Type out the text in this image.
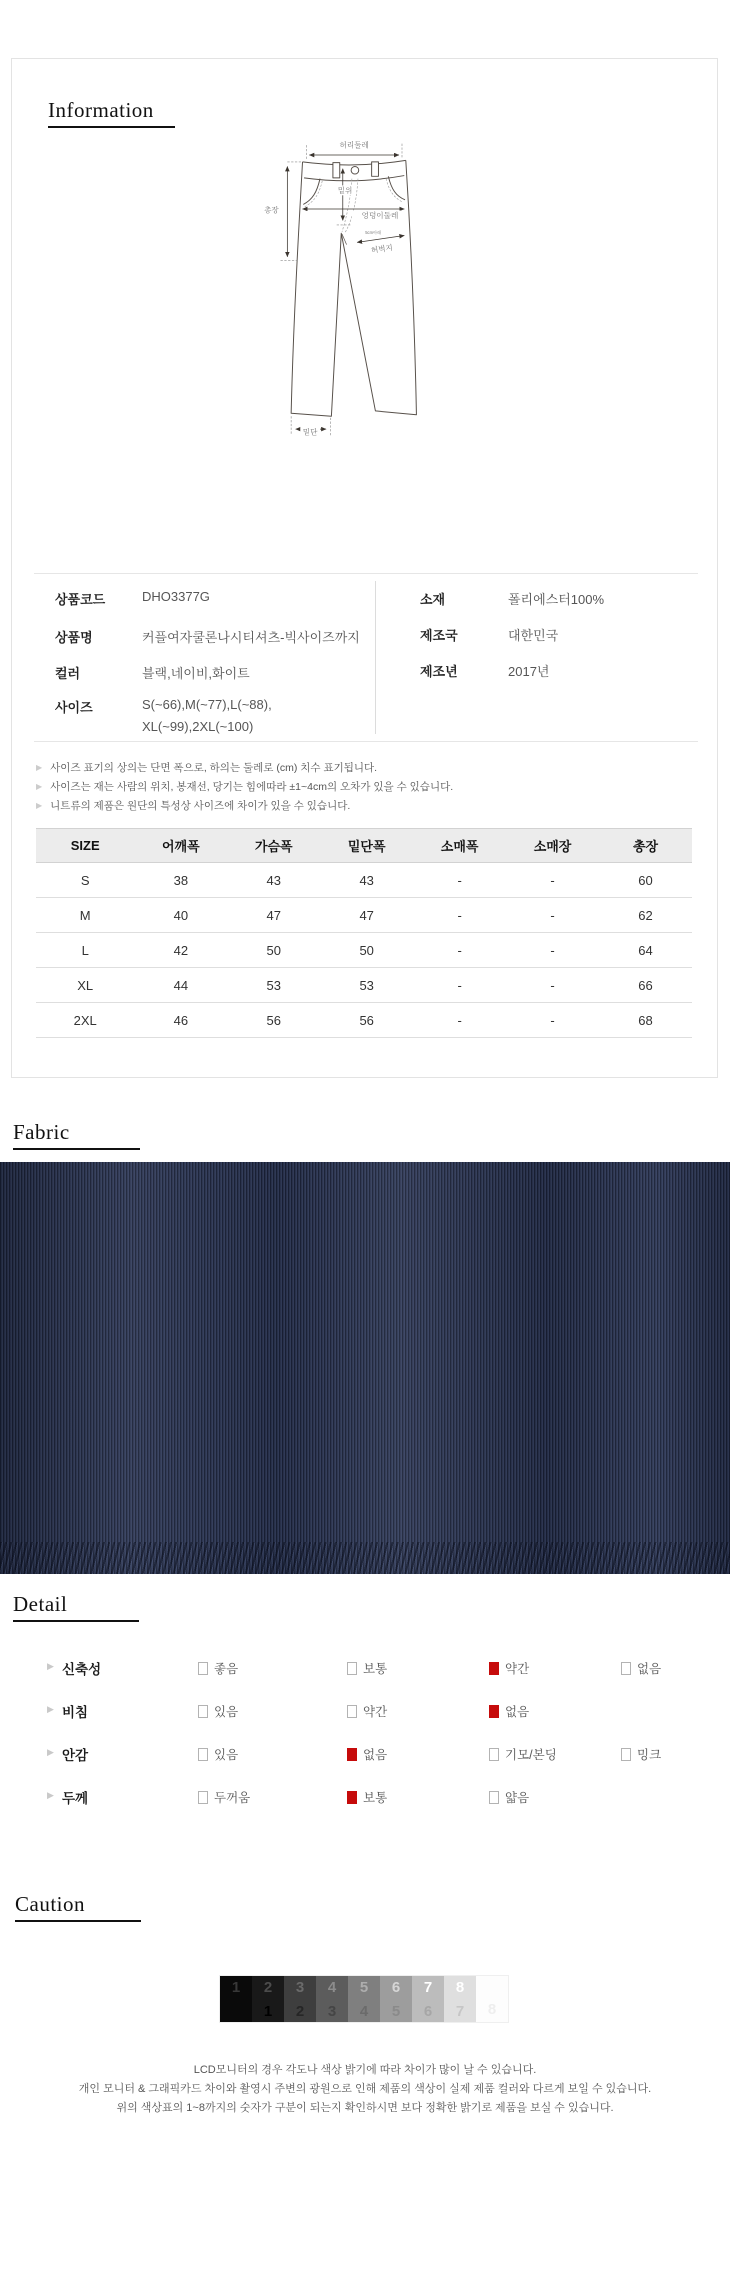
Information
허리둘레
총장
밑위
엉덩이둘레
5cm아래
허벅지
밑단
상품코드	DHO3377G
상품명	커플여자쿨론나시티셔츠-빅사이즈까지
컬러	블랙,네이비,화이트
사이즈	S(~66),M(~77),L(~88),
XL(~99),2XL(~100)
소재	폴리에스터100%
제조국	대한민국
제조년	2017년
▶ 사이즈 표기의 상의는 단면 폭으로, 하의는 둘레로 (cm) 치수 표기됩니다.
▶ 사이즈는 재는 사람의 위치, 봉재선, 당기는 힘에따라 ±1~4cm의 오차가 있을 수 있습니다.
▶ 니트류의 제품은 원단의 특성상 사이즈에 차이가 있을 수 있습니다.
SIZE	어깨폭	가슴폭	밑단폭	소매폭	소매장	총장
S	38	43	43	-	-	60
M	40	47	47	-	-	62
L	42	50	50	-	-	64
XL	44	53	53	-	-	66
2XL	46	56	56	-	-	68
Fabric
Detail
▶ 신축성	좋음	보통	약간	없음
▶ 비침	있음	약간	없음
▶ 안감	있음	없음	기모/본딩	밍크
▶ 두께	두꺼움	보통	얇음
Caution
1	2
1
3
2
4
3
5
4
6
5
7
6
8
7	8
LCD모니터의 경우 각도나 색상 밝기에 따라 차이가 많이 날 수 있습니다.
개인 모니터 & 그래픽카드 차이와 촬영시 주변의 광원으로 인해 제품의 색상이 실제 제품 컬러와 다르게 보일 수 있습니다.
위의 색상표의 1~8까지의 숫자가 구분이 되는지 확인하시면 보다 정확한 밝기로 제품을 보실 수 있습니다.
